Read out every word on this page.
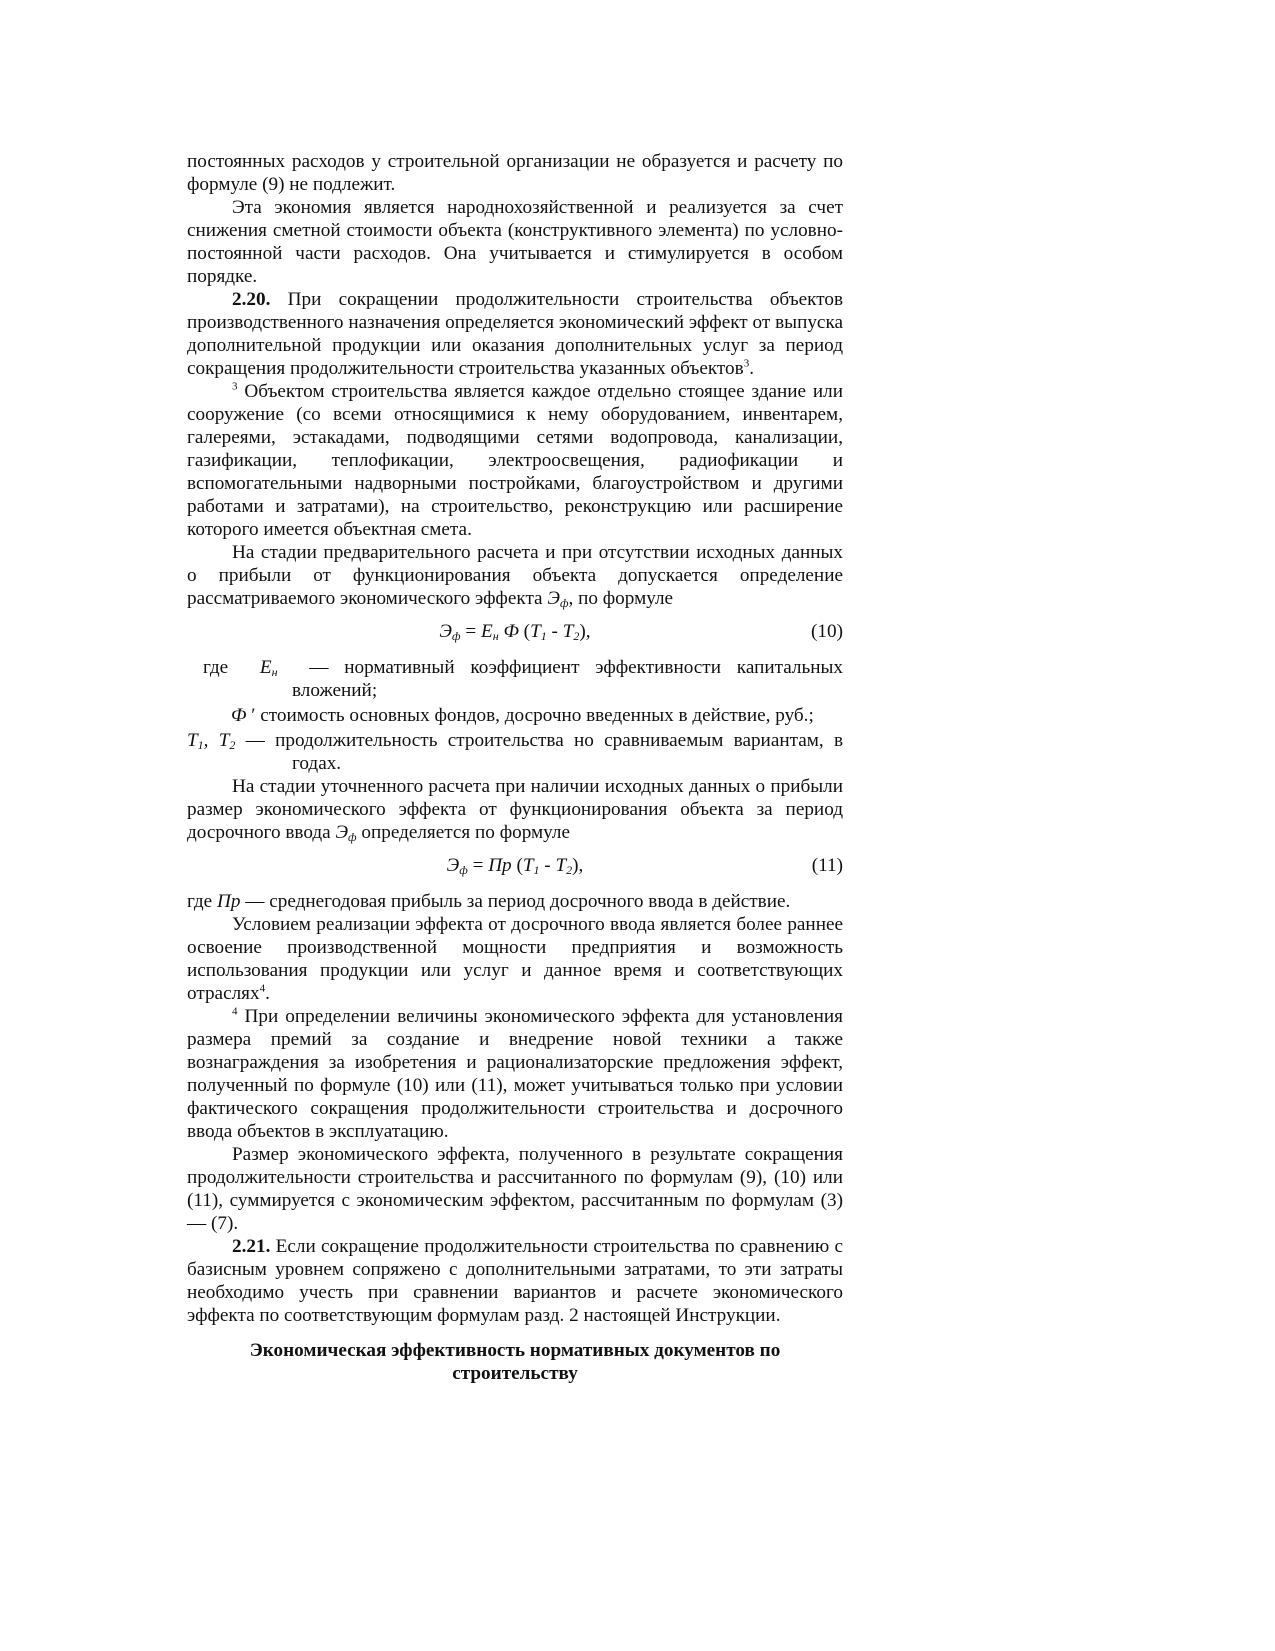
постоянных расходов у строительной организации не образуется и расчету по формуле (9) не подлежит.

Эта экономия является народнохозяйственной и реализуется за счет снижения сметной стоимости объекта (конструктивного элемента) по условно-постоянной части расходов. Она учитывается и стимулируется в особом порядке.

2.20. При сокращении продолжительности строительства объектов производственного назначения определяется экономический эффект от выпуска дополнительной продукции или оказания дополнительных услуг за период сокращения продолжительности строительства указанных объектов$^3$.

$^3$ Объектом строительства является каждое отдельно стоящее здание или сооружение (со всеми относящимися к нему оборудованием, инвентарем, галереями, эстакадами, подводящими сетями водопровода, канализации, газификации, теплофикации, электроосвещения, радиофикации и вспомогательными надворными постройками, благоустройством и другими работами и затратами), на строительство, реконструкцию или расширение которого имеется объектная смета.

На стадии предварительного расчета и при отсутствии исходных данных о прибыли от функционирования объекта допускается определение рассматриваемого экономического эффекта $Э_ф$, по формуле

$Э_ф = Е_н$ Ф $(Т_1 - Т_2)$,	(10)

где $Е_н$ — нормативный коэффициент эффективности капитальных вложений;

Ф ′ стоимость основных фондов, досрочно введенных в действие, руб.;

$Т_1$, $Т_2$ — продолжительность строительства но сравниваемым вариантам, в годах.

На стадии уточненного расчета при наличии исходных данных о прибыли размер экономического эффекта от функционирования объекта за период досрочного ввода $Э_ф$ определяется по формуле

$Э_ф$ = Пр $(Т_1 - Т_2)$,	(11)

где Пр — среднегодовая прибыль за период досрочного ввода в действие.

Условием реализации эффекта от досрочного ввода является более раннее освоение производственной мощности предприятия и возможность использования продукции или услуг и данное время и соответствующих отраслях$^4$.

$^4$ При определении величины экономического эффекта для установления размера премий за создание и внедрение новой техники а также вознаграждения за изобретения и рационализаторские предложения эффект, полученный по формуле (10) или (11), может учитываться только при условии фактического сокращения продолжительности строительства и досрочного ввода объектов в эксплуатацию.

Размер экономического эффекта, полученного в результате сокращения продолжительности строительства и рассчитанного по формулам (9), (10) или (11), суммируется с экономическим эффектом, рассчитанным по формулам (3) — (7).

2.21. Если сокращение продолжительности строительства по сравнению с базисным уровнем сопряжено с дополнительными затратами, то эти затраты необходимо учесть при сравнении вариантов и расчете экономического эффекта по соответствующим формулам разд. 2 настоящей Инструкции.

Экономическая эффективность нормативных документов по
строительству
